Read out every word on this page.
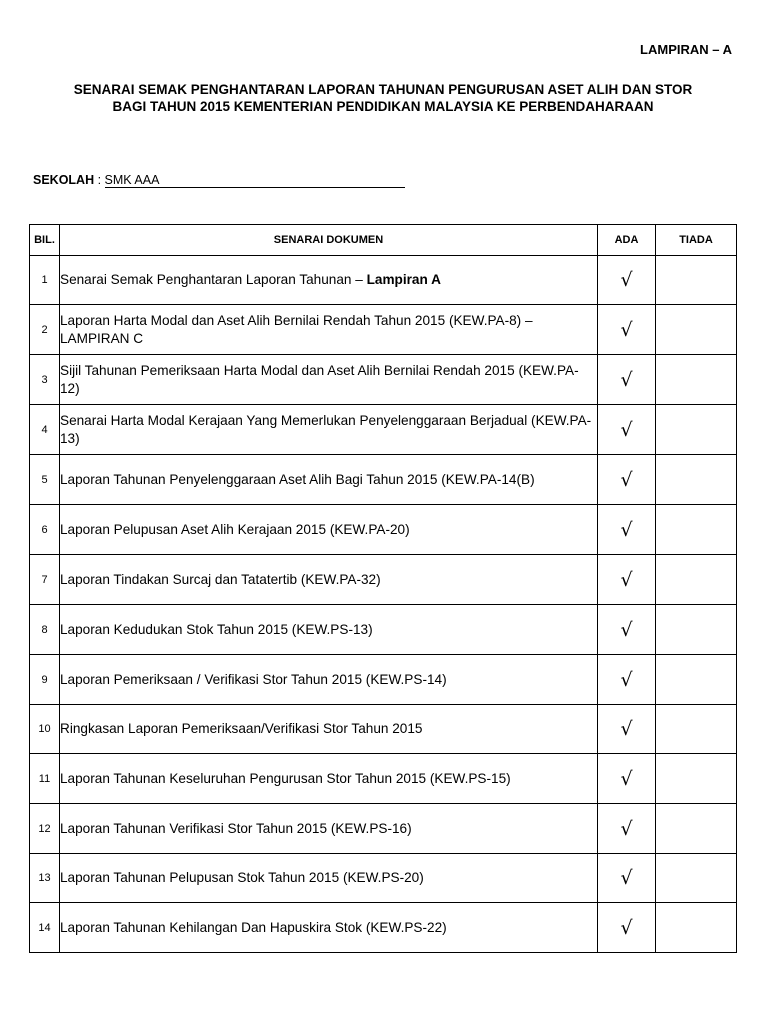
LAMPIRAN – A
SENARAI SEMAK PENGHANTARAN LAPORAN TAHUNAN PENGURUSAN ASET ALIH DAN STOR
BAGI TAHUN 2015 KEMENTERIAN PENDIDIKAN MALAYSIA KE PERBENDAHARAAN
SEKOLAH : SMK AAA
BIL.	SENARAI DOKUMEN	ADA	TIADA
1	Senarai Semak Penghantaran Laporan Tahunan – Lampiran A	√	
2	Laporan Harta Modal dan Aset Alih Bernilai Rendah Tahun 2015 (KEW.PA-8) – LAMPIRAN C	√	
3	Sijil Tahunan Pemeriksaan Harta Modal dan Aset Alih Bernilai Rendah 2015 (KEW.PA-12)	√	
4	Senarai Harta Modal Kerajaan Yang Memerlukan Penyelenggaraan Berjadual (KEW.PA-13)	√	
5	Laporan Tahunan Penyelenggaraan Aset Alih Bagi Tahun 2015 (KEW.PA-14(B)	√	
6	Laporan Pelupusan Aset Alih Kerajaan 2015 (KEW.PA-20)	√	
7	Laporan Tindakan Surcaj dan Tatatertib (KEW.PA-32)	√	
8	Laporan Kedudukan Stok Tahun 2015 (KEW.PS-13)	√	
9	Laporan Pemeriksaan / Verifikasi Stor Tahun 2015 (KEW.PS-14)	√	
10	Ringkasan Laporan Pemeriksaan/Verifikasi Stor Tahun 2015	√	
11	Laporan Tahunan Keseluruhan Pengurusan Stor Tahun 2015 (KEW.PS-15)	√	
12	Laporan Tahunan Verifikasi Stor Tahun 2015 (KEW.PS-16)	√	
13	Laporan Tahunan Pelupusan Stok Tahun 2015 (KEW.PS-20)	√	
14	Laporan Tahunan Kehilangan Dan Hapuskira Stok (KEW.PS-22)	√	
